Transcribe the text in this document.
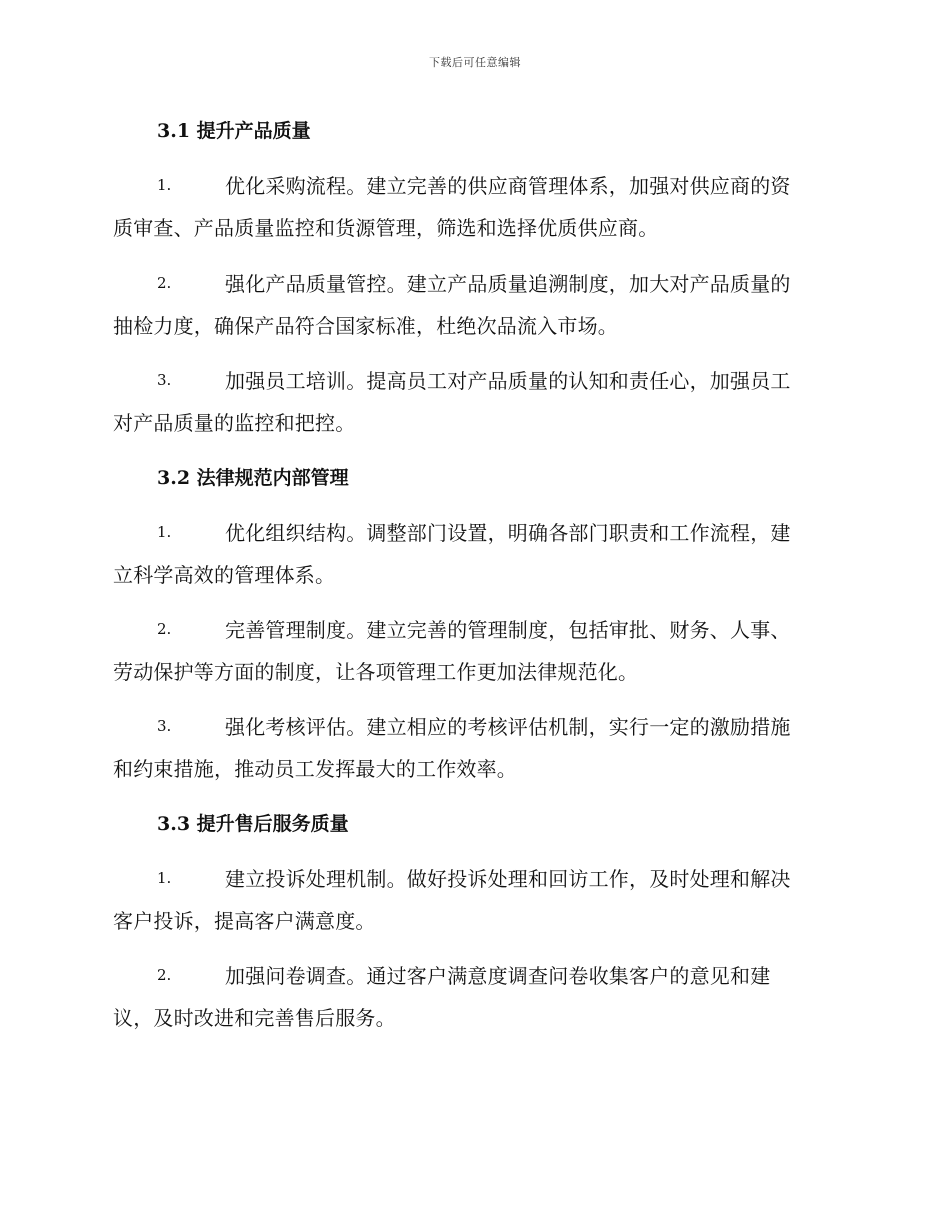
下载后可任意编辑
3.1 提升产品质量
1.	优化采购流程。建立完善的供应商管理体系，加强对供应商的资
质审查、产品质量监控和货源管理，筛选和选择优质供应商。
2.	强化产品质量管控。建立产品质量追溯制度，加大对产品质量的
抽检力度，确保产品符合国家标准，杜绝次品流入市场。
3.	加强员工培训。提高员工对产品质量的认知和责任心，加强员工
对产品质量的监控和把控。
3.2 法律规范内部管理
1.	优化组织结构。调整部门设置，明确各部门职责和工作流程，建
立科学高效的管理体系。
2.	完善管理制度。建立完善的管理制度，包括审批、财务、人事、
劳动保护等方面的制度，让各项管理工作更加法律规范化。
3.	强化考核评估。建立相应的考核评估机制，实行一定的激励措施
和约束措施，推动员工发挥最大的工作效率。
3.3 提升售后服务质量
1.	建立投诉处理机制。做好投诉处理和回访工作，及时处理和解决
客户投诉，提高客户满意度。
2.	加强问卷调查。通过客户满意度调查问卷收集客户的意见和建
议，及时改进和完善售后服务。
